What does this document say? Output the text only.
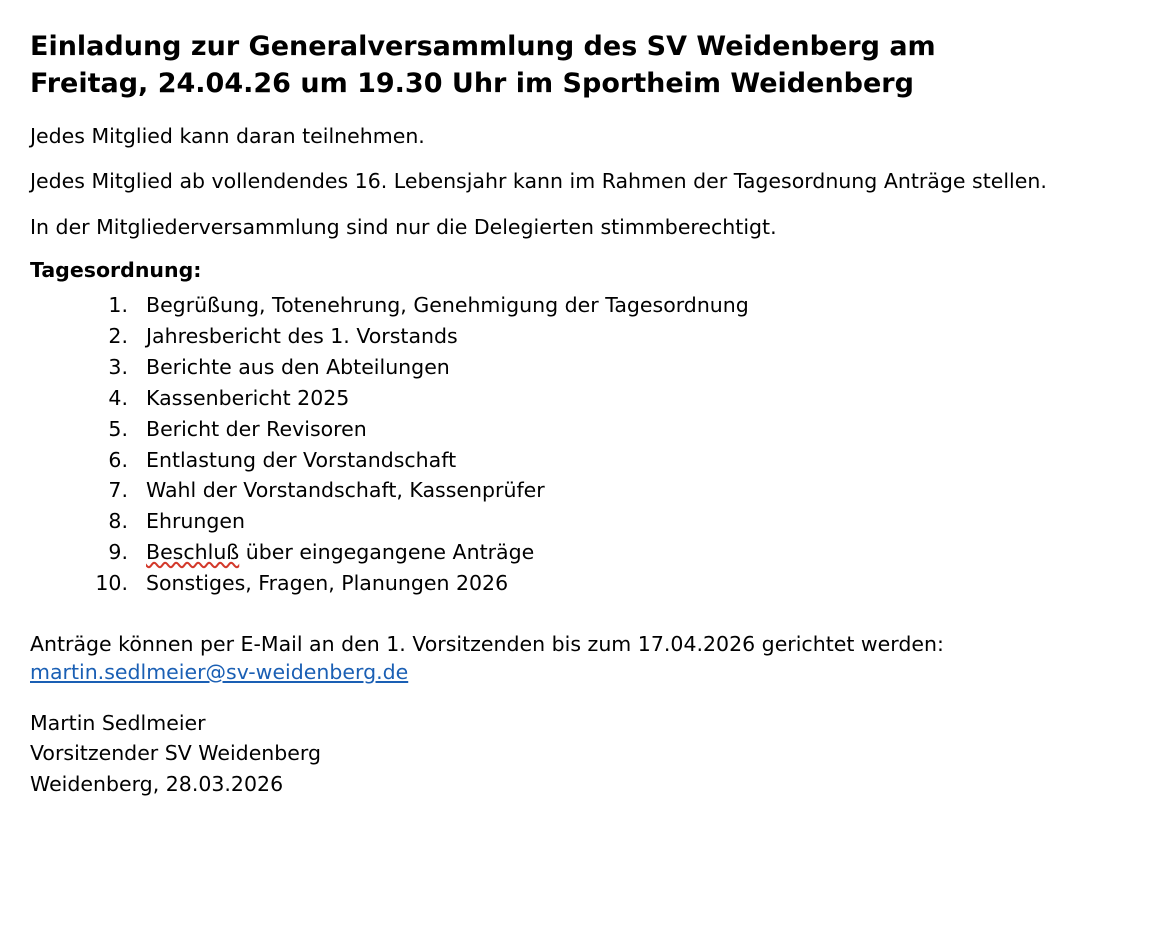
Einladung zur Generalversammlung des SV Weidenberg am Freitag, 24.04.26 um 19.30 Uhr im Sportheim Weidenberg

Jedes Mitglied kann daran teilnehmen.

Jedes Mitglied ab vollendendes 16. Lebensjahr kann im Rahmen der Tagesordnung Anträge stellen.

In der Mitgliederversammlung sind nur die Delegierten stimmberechtigt.

Tagesordnung:

Begrüßung, Totenehrung, Genehmigung der Tagesordnung
Jahresbericht des 1. Vorstands
Berichte aus den Abteilungen
Kassenbericht 2025
Bericht der Revisoren
Entlastung der Vorstandschaft
Wahl der Vorstandschaft, Kassenprüfer
Ehrungen
Beschluß über eingegangene Anträge
Sonstiges, Fragen, Planungen 2026

Anträge können per E-Mail an den 1. Vorsitzenden bis zum 17.04.2026 gerichtet werden:

martin.sedlmeier@sv-weidenberg.de

Martin Sedlmeier

Vorsitzender SV Weidenberg

Weidenberg, 28.03.2026
